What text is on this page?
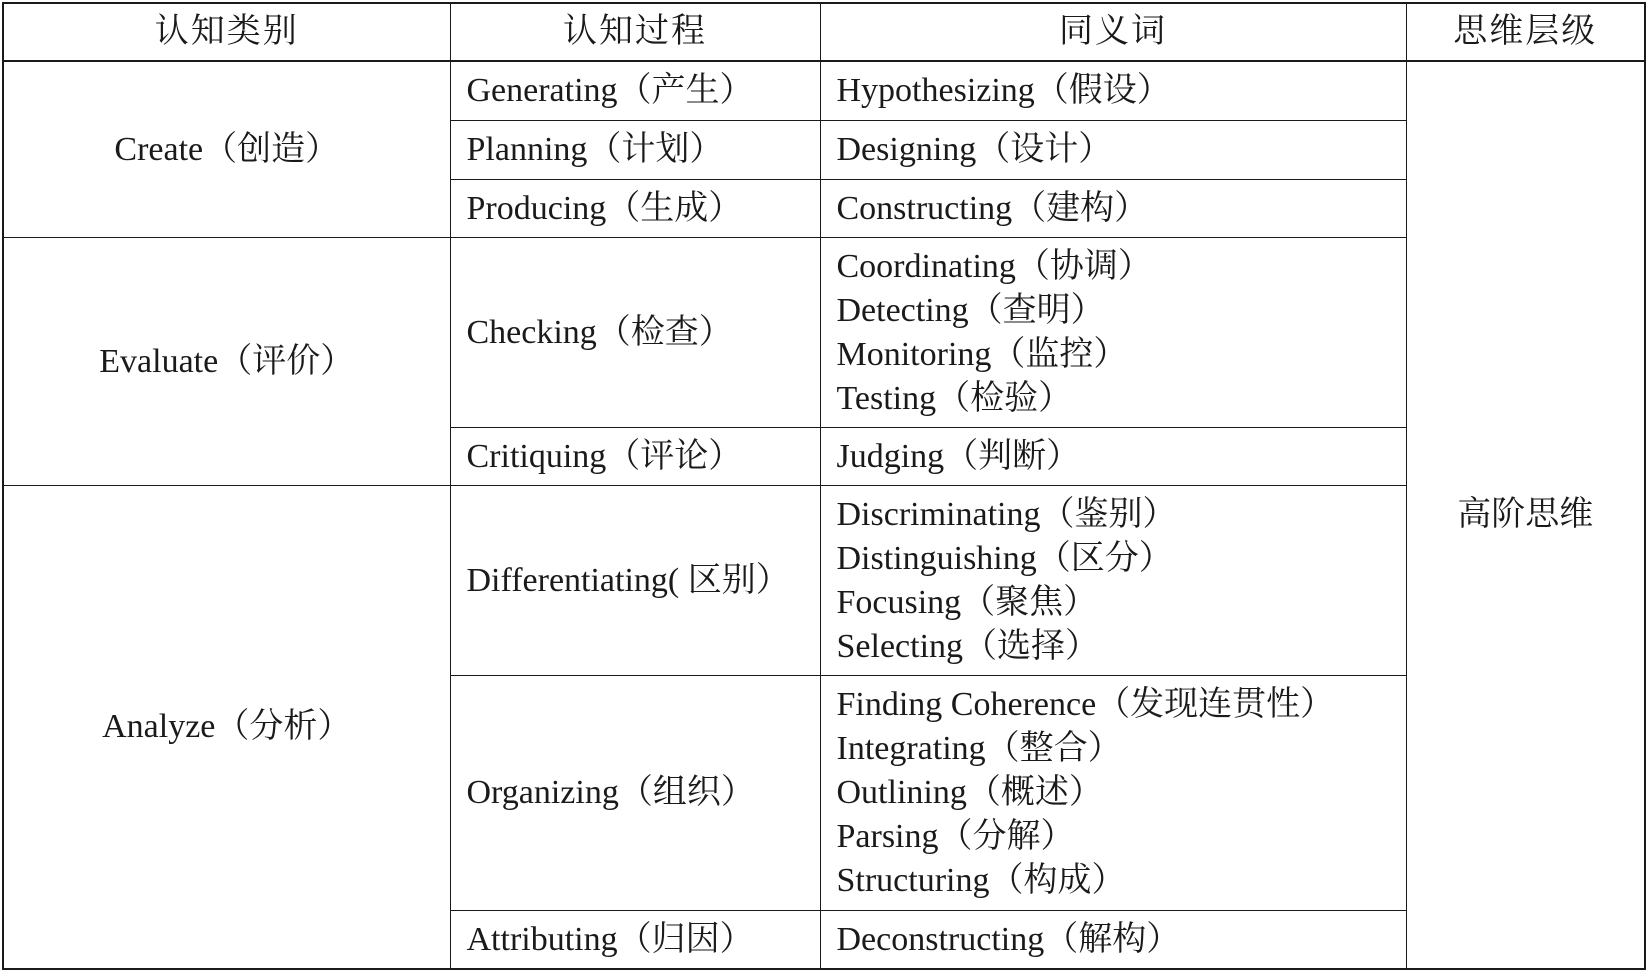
认知类别	认知过程	同义词	思维层级
Create（创造）	Generating（产生）	Hypothesizing（假设）	高阶思维
	Planning（计划）	Designing（设计）	

	Producing（生成）	Constructing（建构）	

Evaluate（评价）	Checking（检查）	Coordinating（协调）
Detecting（查明）
Monitoring（监控）
Testing（检验）	

	Critiquing（评论）	Judging（判断）	

Analyze（分析）	Differentiating( 区别）	Discriminating（鉴别）
Distinguishing（区分）
Focusing（聚焦）
Selecting（选择）	

	Organizing（组织）	Finding Coherence（发现连贯性）
Integrating（整合）
Outlining（概述）
Parsing（分解）
Structuring（构成）	

	Attributing（归因）	Deconstructing（解构）	
